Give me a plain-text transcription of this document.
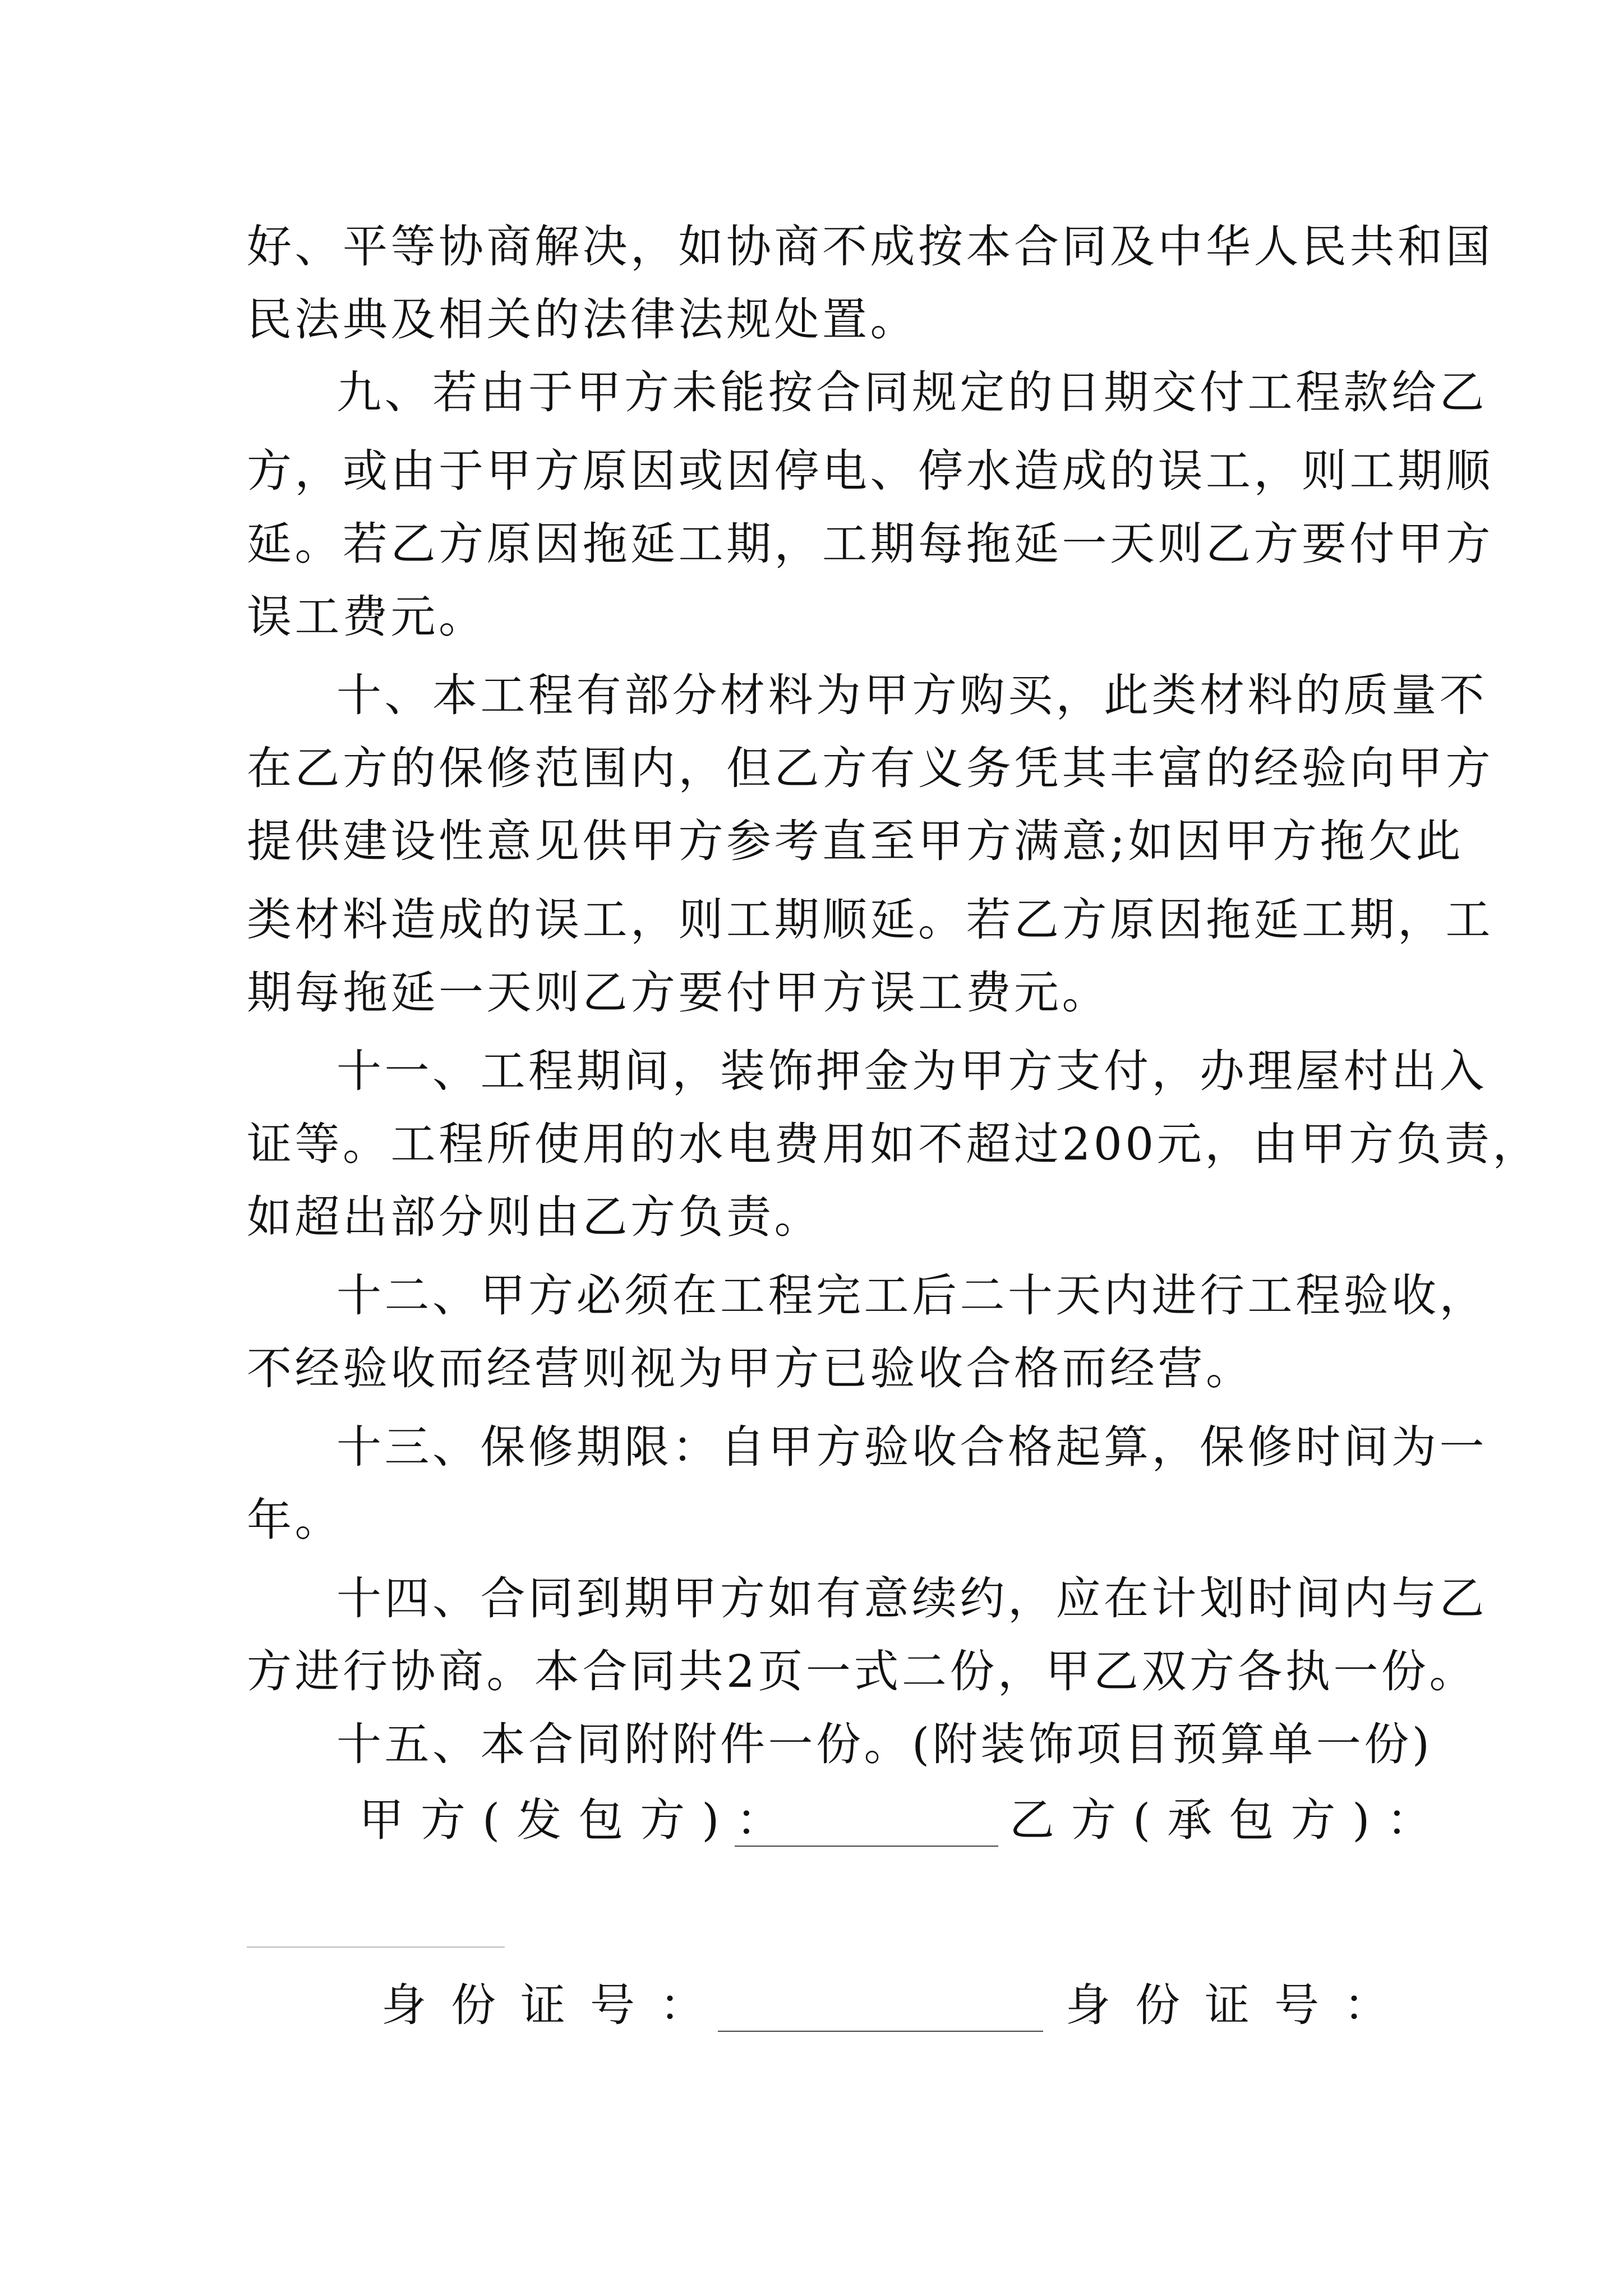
好、平等协商解决，如协商不成按本合同及中华人民共和国
民法典及相关的法律法规处置。
九、若由于甲方未能按合同规定的日期交付工程款给乙
方，或由于甲方原因或因停电、停水造成的误工，则工期顺
延。若乙方原因拖延工期，工期每拖延一天则乙方要付甲方
误工费元。
十、本工程有部分材料为甲方购买，此类材料的质量不
在乙方的保修范围内，但乙方有义务凭其丰富的经验向甲方
提供建设性意见供甲方参考直至甲方满意;如因甲方拖欠此
类材料造成的误工，则工期顺延。若乙方原因拖延工期，工
期每拖延一天则乙方要付甲方误工费元。
十一、工程期间，装饰押金为甲方支付，办理屋村出入
证等。工程所使用的水电费用如不超过200元，由甲方负责，
如超出部分则由乙方负责。
十二、甲方必须在工程完工后二十天内进行工程验收，
不经验收而经营则视为甲方已验收合格而经营。
十三、保修期限：自甲方验收合格起算，保修时间为一
年。
十四、合同到期甲方如有意续约，应在计划时间内与乙
方进行协商。本合同共2页一式二份，甲乙双方各执一份。
十五、本合同附附件一份。(附装饰项目预算单一份)
甲方(发包方)：	乙方(承包方)：
身份证号：	身份证号：
